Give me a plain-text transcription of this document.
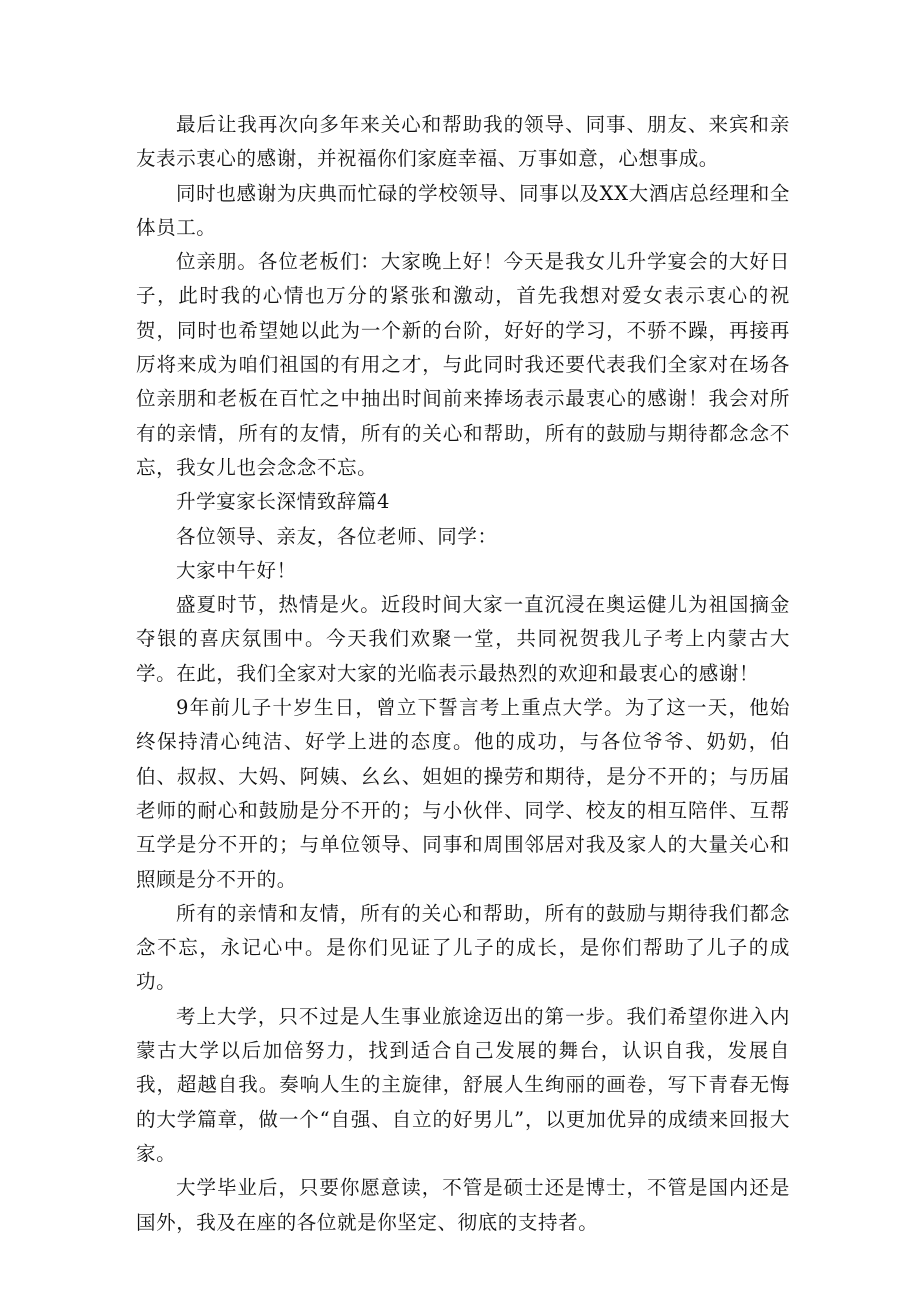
最后让我再次向多年来关心和帮助我的领导、同事、朋友、来宾和亲友表示衷心的感谢，并祝福你们家庭幸福、万事如意，心想事成。

同时也感谢为庆典而忙碌的学校领导、同事以及XX大酒店总经理和全体员工。

位亲朋。各位老板们：大家晚上好！今天是我女儿升学宴会的大好日子，此时我的心情也万分的紧张和激动，首先我想对爱女表示衷心的祝贺，同时也希望她以此为一个新的台阶，好好的学习，不骄不躁，再接再厉将来成为咱们祖国的有用之才，与此同时我还要代表我们全家对在场各位亲朋和老板在百忙之中抽出时间前来捧场表示最衷心的感谢！我会对所有的亲情，所有的友情，所有的关心和帮助，所有的鼓励与期待都念念不忘，我女儿也会念念不忘。

升学宴家长深情致辞篇4

各位领导、亲友，各位老师、同学：

大家中午好！

盛夏时节，热情是火。近段时间大家一直沉浸在奥运健儿为祖国摘金夺银的喜庆氛围中。今天我们欢聚一堂，共同祝贺我儿子考上内蒙古大学。在此，我们全家对大家的光临表示最热烈的欢迎和最衷心的感谢！

9年前儿子十岁生日，曾立下誓言考上重点大学。为了这一天，他始终保持清心纯洁、好学上进的态度。他的成功，与各位爷爷、奶奶，伯伯、叔叔、大妈、阿姨、幺幺、妲妲的操劳和期待，是分不开的；与历届老师的耐心和鼓励是分不开的；与小伙伴、同学、校友的相互陪伴、互帮互学是分不开的；与单位领导、同事和周围邻居对我及家人的大量关心和照顾是分不开的。

所有的亲情和友情，所有的关心和帮助，所有的鼓励与期待我们都念念不忘，永记心中。是你们见证了儿子的成长，是你们帮助了儿子的成功。

考上大学，只不过是人生事业旅途迈出的第一步。我们希望你进入内蒙古大学以后加倍努力，找到适合自己发展的舞台，认识自我，发展自我，超越自我。奏响人生的主旋律，舒展人生绚丽的画卷，写下青春无悔的大学篇章，做一个“自强、自立的好男儿”，以更加优异的成绩来回报大家。

大学毕业后，只要你愿意读，不管是硕士还是博士，不管是国内还是国外，我及在座的各位就是你坚定、彻底的支持者。
